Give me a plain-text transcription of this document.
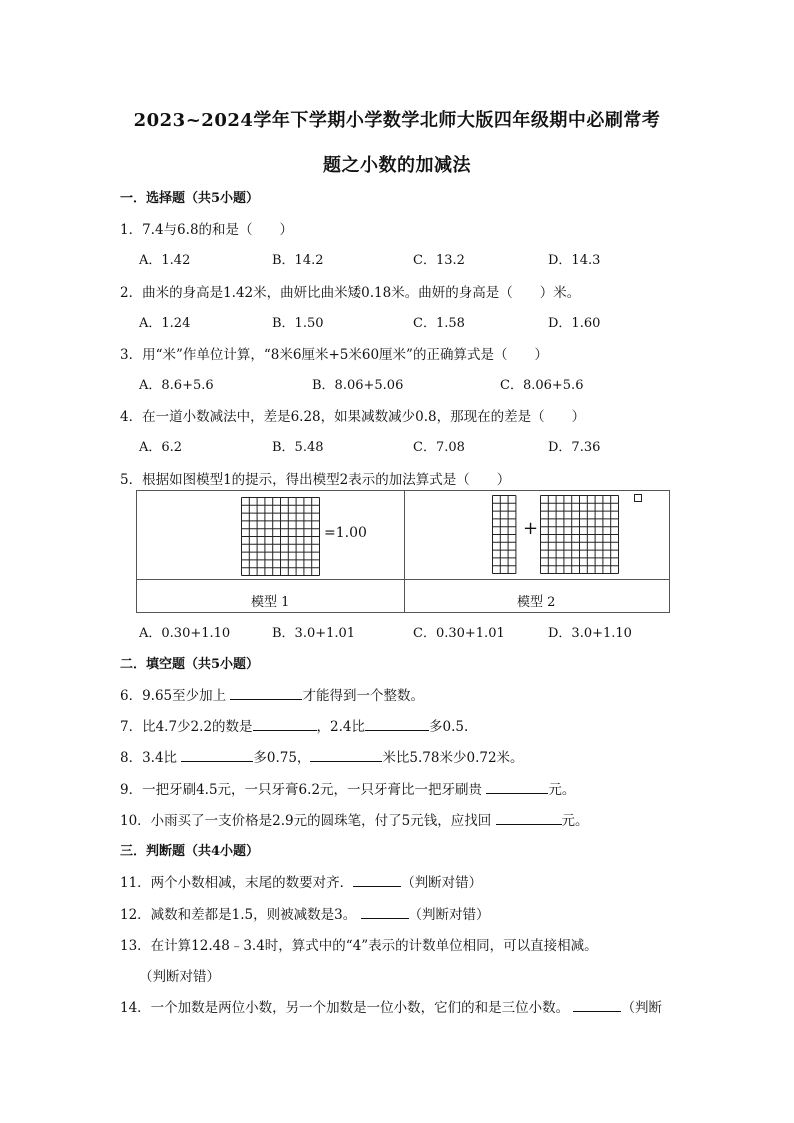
2023~2024学年下学期小学数学北师大版四年级期中必刷常考
题之小数的加减法
一．选择题（共5小题）
1．7.4与6.8的和是（　　）
A．1.42	B．14.2	C．13.2	D．14.3
2．曲米的身高是1.42米，曲妍比曲米矮0.18米。曲妍的身高是（　　）米。
A．1.24	B．1.50	C．1.58	D．1.60
3．用“米”作单位计算，“8米6厘米+5米60厘米”的正确算式是（　　）
A．8.6+5.6	B．8.06+5.06	C．8.06+5.6
4．在一道小数减法中，差是6.28，如果减数减少0.8，那现在的差是（　　）
A．6.2	B．5.48	C．7.08	D．7.36
5．根据如图模型1的提示，得出模型2表示的加法算式是（　　）
=1.00	+
模型 1	模型 2
A．0.30+1.10	B．3.0+1.01	C．0.30+1.01	D．3.0+1.10
二．填空题（共5小题）
6．9.65至少加上	才能得到一个整数。
7．比4.7少2.2的数是	，2.4比	多0.5.
8．3.4比	多0.75，	米比5.78米少0.72米。
9．一把牙刷4.5元，一只牙膏6.2元，一只牙膏比一把牙刷贵	元。
10．小雨买了一支价格是2.9元的圆珠笔，付了5元钱，应找回	元。
三．判断题（共4小题）
11．两个小数相减，末尾的数要对齐．	（判断对错）
12．减数和差都是1.5，则被减数是3。	（判断对错）
13．在计算12.48﹣3.4时，算式中的“4”表示的计数单位相同，可以直接相减。
（判断对错）
14．一个加数是两位小数，另一个加数是一位小数，它们的和是三位小数。	（判断
